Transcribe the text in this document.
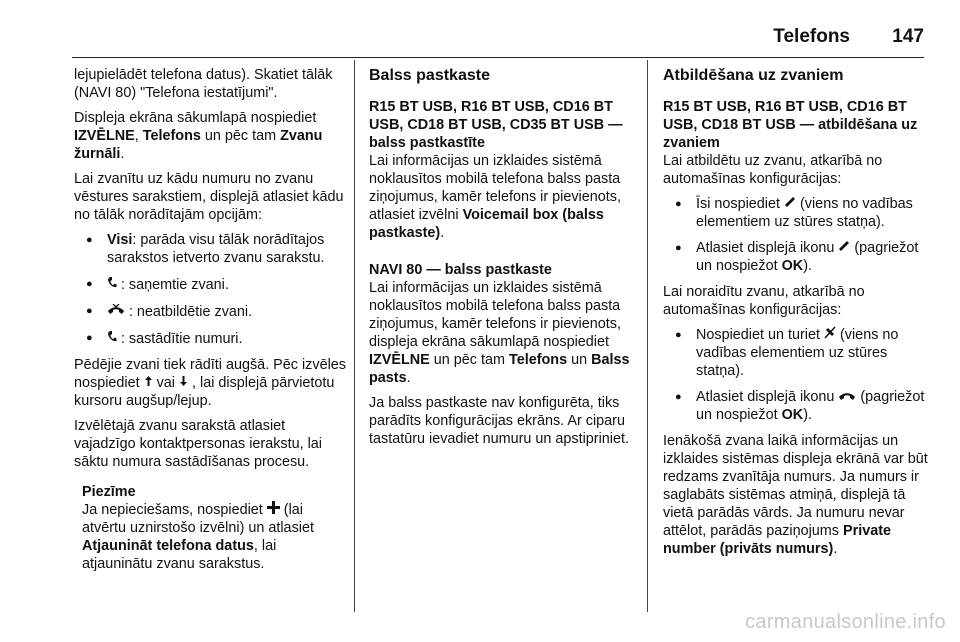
Telefons 147

lejupielādēt telefona datus). Skatiet tālāk (NAVI 80) "Telefona iestatījumi".

Displeja ekrāna sākumlapā nospiediet IZVĒLNE, Telefons un pēc tam Zvanu žurnāli.

Lai zvanītu uz kādu numuru no zvanu vēstures sarakstiem, displejā atlasiet kādu no tālāk norādītajām opcijām:

● Visi: parāda visu tālāk norādītajos sarakstos ietverto zvanu sarakstu.
● : saņemtie zvani.
● : neatbildētie zvani.
● : sastādītie numuri.

Pēdējie zvani tiek rādīti augšā. Pēc izvēles nospiediet  vai  , lai displejā pārvietotu kursoru augšup/lejup.

Izvēlētajā zvanu sarakstā atlasiet vajadzīgo kontaktpersonas ierakstu, lai sāktu numura sastādīšanas procesu.

Piezīme
Ja nepieciešams, nospiediet  (lai atvērtu uznirstošo izvēlni) un atlasiet Atjaunināt telefona datus, lai atjauninātu zvanu sarakstus.
Balss pastkaste
R15 BT USB, R16 BT USB, CD16 BT USB, CD18 BT USB, CD35 BT USB — balss pastkastīte

Lai informācijas un izklaides sistēmā noklausītos mobilā telefona balss pasta ziņojumus, kamēr telefons ir pievienots, atlasiet izvēlni Voicemail box (balss pastkaste).

NAVI 80 — balss pastkaste

Lai informācijas un izklaides sistēmā noklausītos mobilā telefona balss pasta ziņojumus, kamēr telefons ir pievienots, displeja ekrāna sākumlapā nospiediet IZVĒLNE un pēc tam Telefons un Balss pasts.

Ja balss pastkaste nav konfigurēta, tiks parādīts konfigurācijas ekrāns. Ar ciparu tastatūru ievadiet numuru un apstipriniet.

Atbildēšana uz zvaniem
R15 BT USB, R16 BT USB, CD16 BT USB, CD18 BT USB — atbildēšana uz zvaniem

Lai atbildētu uz zvanu, atkarībā no automašīnas konfigurācijas:

● Īsi nospiediet  (viens no vadības elementiem uz stūres statņa).
● Atlasiet displejā ikonu  (pagriežot un nospiežot OK).

Lai noraidītu zvanu, atkarībā no automašīnas konfigurācijas:

● Nospiediet un turiet  (viens no vadības elementiem uz stūres statņa).
● Atlasiet displejā ikonu  (pagriežot un nospiežot OK).

Ienākošā zvana laikā informācijas un izklaides sistēmas displeja ekrānā var būt redzams zvanītāja numurs. Ja numurs ir saglabāts sistēmas atmiņā, displejā tā vietā parādās vārds. Ja numuru nevar attēlot, parādās paziņojums Private number (privāts numurs).

carmanualsonline.info
